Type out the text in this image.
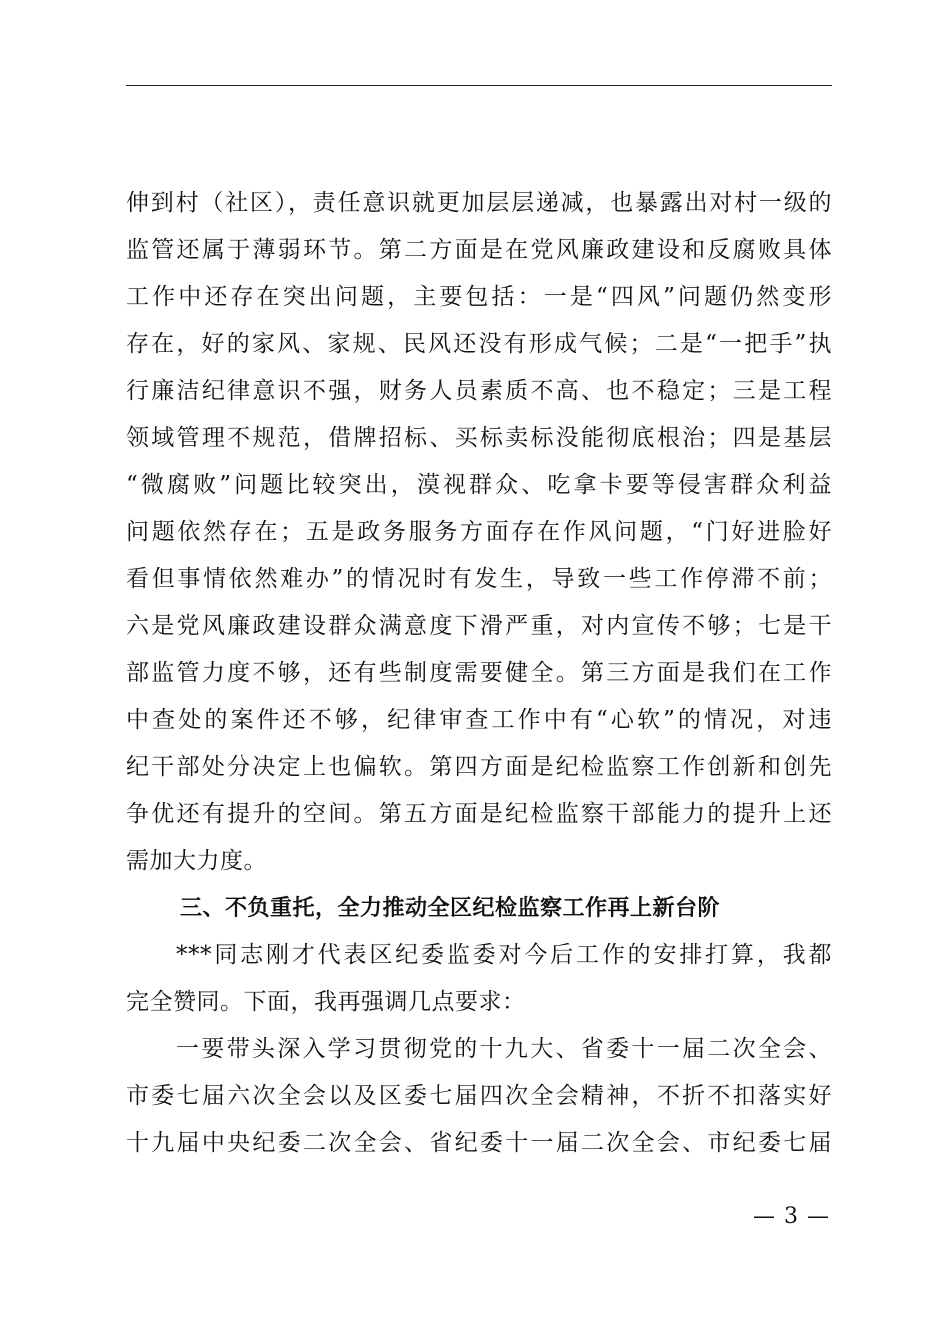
伸到村（社区），责任意识就更加层层递减，也暴露出对村一级的
监管还属于薄弱环节。第二方面是在党风廉政建设和反腐败具体
工作中还存在突出问题，主要包括：一是“四风”问题仍然变形
存在，好的家风、家规、民风还没有形成气候；二是“一把手”执
行廉洁纪律意识不强，财务人员素质不高、也不稳定；三是工程
领域管理不规范，借牌招标、买标卖标没能彻底根治；四是基层
“微腐败”问题比较突出，漠视群众、吃拿卡要等侵害群众利益
问题依然存在；五是政务服务方面存在作风问题，“门好进脸好
看但事情依然难办”的情况时有发生，导致一些工作停滞不前；
六是党风廉政建设群众满意度下滑严重，对内宣传不够；七是干
部监管力度不够，还有些制度需要健全。第三方面是我们在工作
中查处的案件还不够，纪律审查工作中有“心软”的情况，对违
纪干部处分决定上也偏软。第四方面是纪检监察工作创新和创先
争优还有提升的空间。第五方面是纪检监察干部能力的提升上还
需加大力度。
三、不负重托，全力推动全区纪检监察工作再上新台阶
***同志刚才代表区纪委监委对今后工作的安排打算，我都
完全赞同。下面，我再强调几点要求：
一要带头深入学习贯彻党的十九大、省委十一届二次全会、
市委七届六次全会以及区委七届四次全会精神，不折不扣落实好
十九届中央纪委二次全会、省纪委十一届二次全会、市纪委七届
— 3 —
